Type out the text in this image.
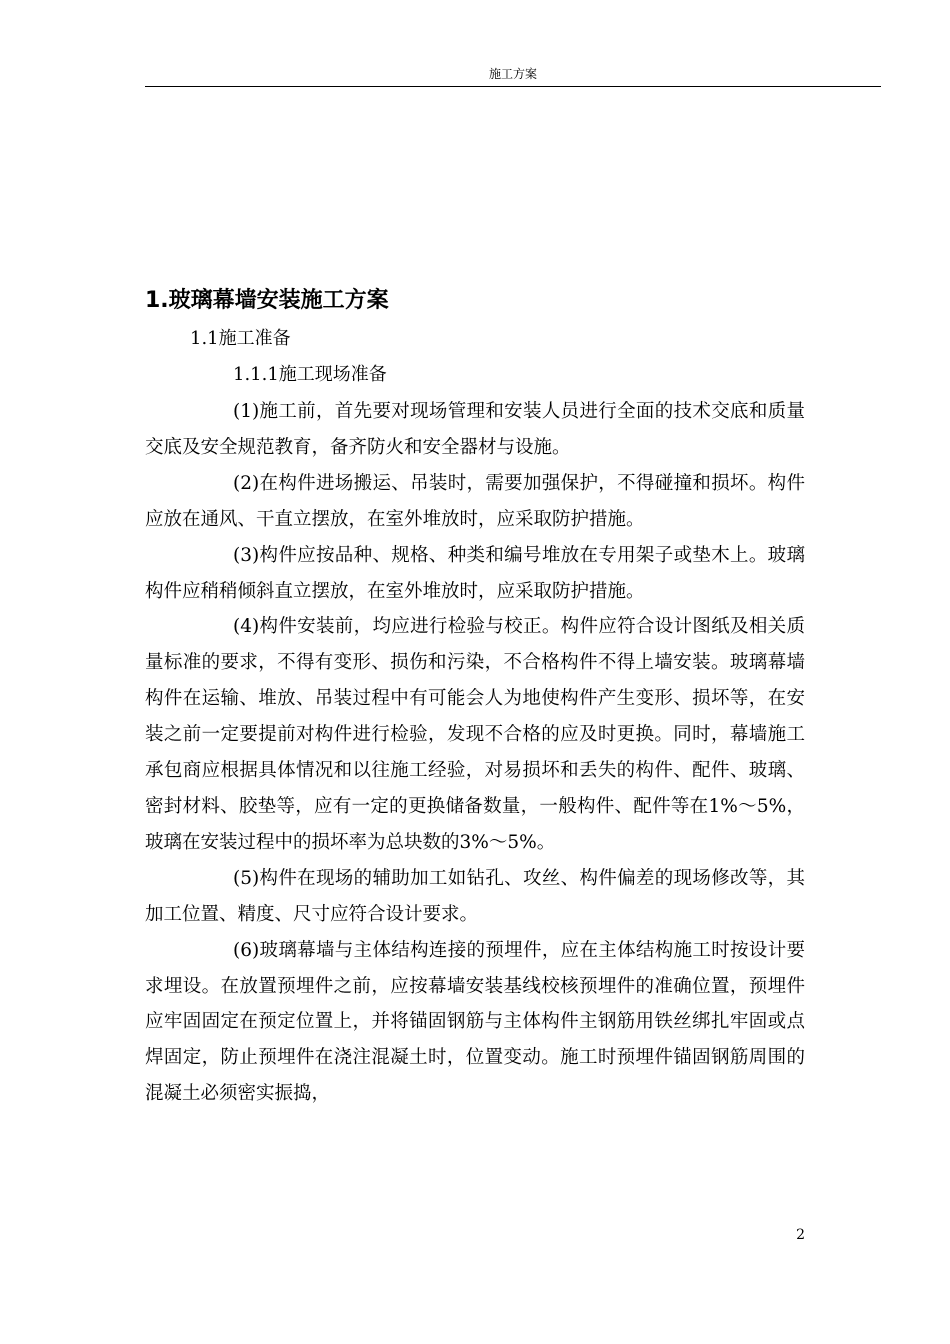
施工方案
1.玻璃幕墙安装施工方案
1.1施工准备
1.1.1施工现场准备

(1)施工前，首先要对现场管理和安装人员进行全面的技术交底和质量交底及安全规范教育，备齐防火和安全器材与设施。

(2)在构件进场搬运、吊装时，需要加强保护，不得碰撞和损坏。构件应放在通风、干直立摆放，在室外堆放时，应采取防护措施。

(3)构件应按品种、规格、种类和编号堆放在专用架子或垫木上。玻璃构件应稍稍倾斜直立摆放，在室外堆放时，应采取防护措施。

(4)构件安装前，均应进行检验与校正。构件应符合设计图纸及相关质量标准的要求，不得有变形、损伤和污染，不合格构件不得上墙安装。玻璃幕墙构件在运输、堆放、吊装过程中有可能会人为地使构件产生变形、损坏等，在安装之前一定要提前对构件进行检验，发现不合格的应及时更换。同时，幕墙施工承包商应根据具体情况和以往施工经验，对易损坏和丢失的构件、配件、玻璃、密封材料、胶垫等，应有一定的更换储备数量，一般构件、配件等在1%～5%，玻璃在安装过程中的损坏率为总块数的3%～5%。

(5)构件在现场的辅助加工如钻孔、攻丝、构件偏差的现场修改等，其加工位置、精度、尺寸应符合设计要求。

(6)玻璃幕墙与主体结构连接的预埋件，应在主体结构施工时按设计要求埋设。在放置预埋件之前，应按幕墙安装基线校核预埋件的准确位置，预埋件应牢固固定在预定位置上，并将锚固钢筋与主体构件主钢筋用铁丝绑扎牢固或点焊固定，防止预埋件在浇注混凝土时，位置变动。施工时预埋件锚固钢筋周围的混凝土必须密实振捣，

2
